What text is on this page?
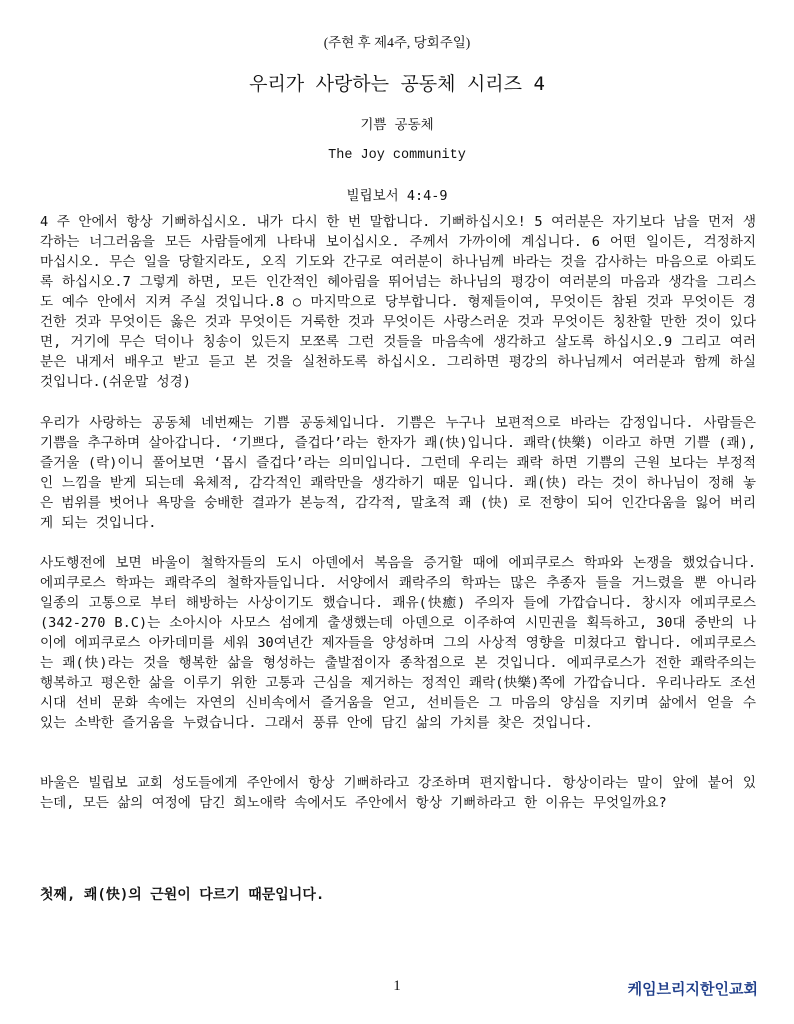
(주현 후 제4주, 당회주일)
우리가 사랑하는 공동체 시리즈 4
기쁨 공동체
The Joy community
빌립보서 4:4-9

4 주 안에서 항상 기뻐하십시오. 내가 다시 한 번 말합니다. 기뻐하십시오! 5 여러분은 자기보다 남을 먼저 생각하는 너그러움을 모든 사람들에게 나타내 보이십시오. 주께서 가까이에 계십니다. 6 어떤 일이든, 걱정하지 마십시오. 무슨 일을 당할지라도, 오직 기도와 간구로 여러분이 하나님께 바라는 것을 감사하는 마음으로 아뢰도록 하십시오.7 그렇게 하면, 모든 인간적인 헤아림을 뛰어넘는 하나님의 평강이 여러분의 마음과 생각을 그리스도 예수 안에서 지켜 주실 것입니다.8 ○ 마지막으로 당부합니다. 형제들이여, 무엇이든 참된 것과 무엇이든 경건한 것과 무엇이든 옳은 것과 무엇이든 거룩한 것과 무엇이든 사랑스러운 것과 무엇이든 칭찬할 만한 것이 있다면, 거기에 무슨 덕이나 칭송이 있든지 모쪼록 그런 것들을 마음속에 생각하고 살도록 하십시오.9 그리고 여러분은 내게서 배우고 받고 듣고 본 것을 실천하도록 하십시오. 그리하면 평강의 하나님께서 여러분과 함께 하실 것입니다.(쉬운말 성경)

우리가 사랑하는 공동체 네번째는 기쁨 공동체입니다. 기쁨은 누구나 보편적으로 바라는 감정입니다. 사람들은 기쁨을 추구하며 살아갑니다. ‘기쁘다, 즐겁다’라는 한자가 쾌(快)입니다. 쾌락(快樂) 이라고 하면 기쁠 (쾌), 즐거울 (락)이니 풀어보면 ‘몹시 즐겁다’라는 의미입니다. 그런데 우리는 쾌락 하면 기쁨의 근원 보다는 부정적인 느낌을 받게 되는데 육체적, 감각적인 쾌락만을 생각하기 때문 입니다. 쾌(快) 라는 것이 하나님이 정해 놓은 범위를 벗어나 욕망을 숭배한 결과가 본능적, 감각적, 말초적 쾌 (快) 로 전향이 되어 인간다움을 잃어 버리게 되는 것입니다.

사도행전에 보면 바울이 철학자들의 도시 아덴에서 복음을 증거할 때에 에피쿠로스 학파와 논쟁을 했었습니다. 에피쿠로스 학파는 쾌락주의 철학자들입니다. 서양에서 쾌락주의 학파는 많은 추종자 들을 거느렸을 뿐 아니라 일종의 고통으로 부터 해방하는 사상이기도 했습니다. 쾌유(快癒) 주의자 들에 가깝습니다. 창시자 에피쿠로스(342-270 B.C)는 소아시아 사모스 섬에게 출생했는데 아덴으로 이주하여 시민권을 획득하고, 30대 중반의 나이에 에피쿠로스 아카데미를 세워 30여년간 제자들을 양성하며 그의 사상적 영향을 미쳤다고 합니다. 에피쿠로스는 쾌(快)라는 것을 행복한 삶을 형성하는 출발점이자 종착점으로 본 것입니다. 에피쿠로스가 전한 쾌락주의는 행복하고 평온한 삶을 이루기 위한 고통과 근심을 제거하는 정적인 쾌락(快樂)쪽에 가깝습니다. 우리나라도 조선시대 선비 문화 속에는 자연의 신비속에서 즐거움을 얻고, 선비들은 그 마음의 양심을 지키며 삶에서 얻을 수 있는 소박한 즐거움을 누렸습니다. 그래서 풍류 안에 담긴 삶의 가치를 찾은 것입니다.

바울은 빌립보 교회 성도들에게 주안에서 항상 기뻐하라고 강조하며 편지합니다. 항상이라는 말이 앞에 붙어 있는데, 모든 삶의 여정에 담긴 희노애락 속에서도 주안에서 항상 기뻐하라고 한 이유는 무엇일까요?

첫째, 쾌(快)의 근원이 다르기 때문입니다.

1	케임브리지한인교회
